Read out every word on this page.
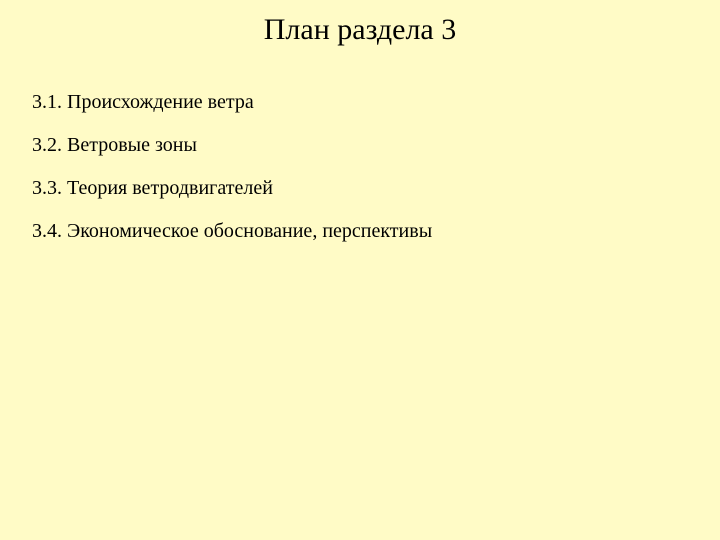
План раздела 3
3.1. Происхождение ветра
3.2. Ветровые зоны
3.3. Теория ветродвигателей
3.4. Экономическое обоснование, перспективы
